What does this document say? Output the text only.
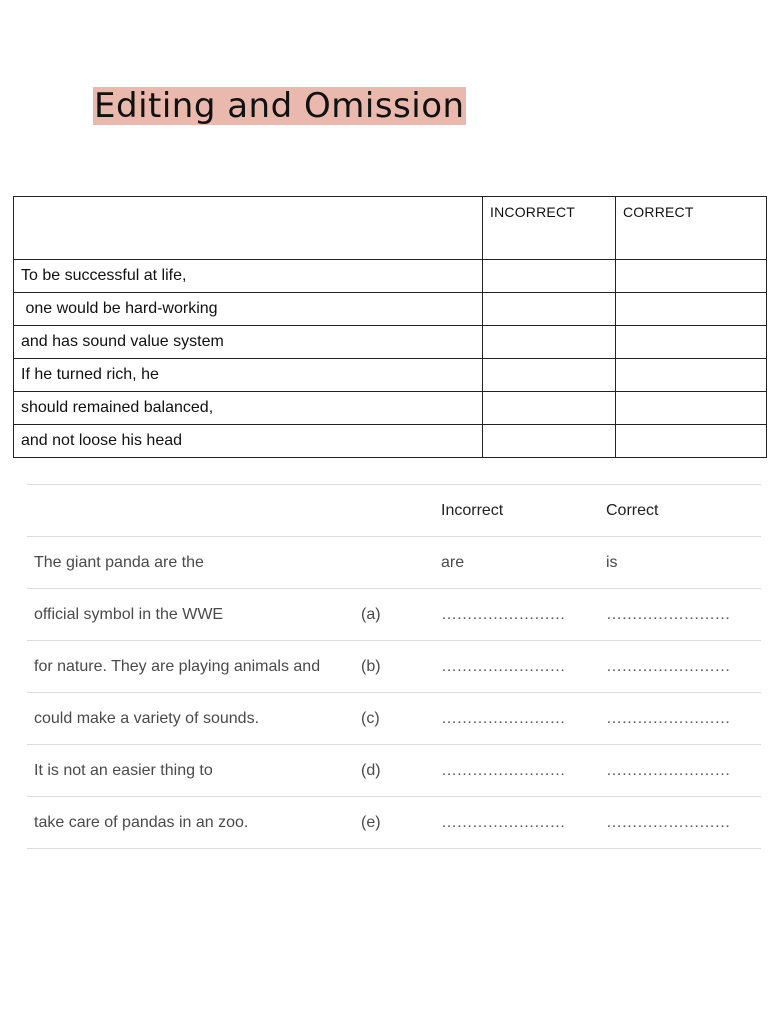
Editing and Omission
	INCORRECT	CORRECT
To be successful at life,		
one would be hard-working		
and has sound value system		
If he turned rich, he		
should remained balanced,		
and not loose his head		
		Incorrect	Correct
The giant panda are the		are	is
official symbol in the WWE	(a)	……………………	……………………
for nature. They are playing animals and	(b)	……………………	……………………
could make a variety of sounds.	(c)	……………………	……………………
It is not an easier thing to	(d)	……………………	……………………
take care of pandas in an zoo.	(e)	……………………	……………………
